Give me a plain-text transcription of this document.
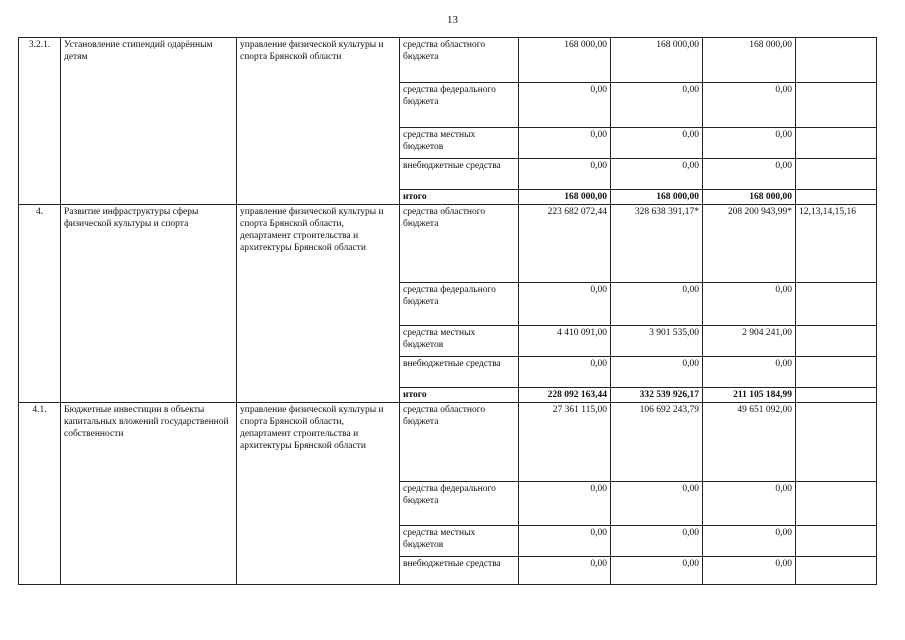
13
3.2.1.	Установление стипендий одарённым детям	управление физической культуры и спорта Брянской области	средства областного бюджета	168 000,00	168 000,00	168 000,00	
			средства федерального бюджета	0,00	0,00	0,00	
			средства местных бюджетов	0,00	0,00	0,00	
			внебюджетные средства	0,00	0,00	0,00	
			итого	168 000,00	168 000,00	168 000,00	
4.	Развитие инфраструктуры сферы физической культуры и спорта	управление физической культуры и спорта Брянской области, департамент строительства и архитектуры Брянской области	средства областного бюджета	223 682 072,44	328 638 391,17*	208 200 943,99*	12,13,14,15,16
			средства федерального бюджета	0,00	0,00	0,00	
			средства местных бюджетов	4 410 091,00	3 901 535,00	2 904 241,00	
			внебюджетные средства	0,00	0,00	0,00	
			итого	228 092 163,44	332 539 926,17	211 105 184,99	
4.1.	Бюджетные инвестиции в объекты капитальных вложений государственной собственности	управление физической культуры и спорта Брянской области, департамент строительства и архитектуры Брянской области	средства областного бюджета	27 361 115,00	106 692 243,79	49 651 092,00	
			средства федерального бюджета	0,00	0,00	0,00	
			средства местных бюджетов	0,00	0,00	0,00	
			внебюджетные средства	0,00	0,00	0,00	
